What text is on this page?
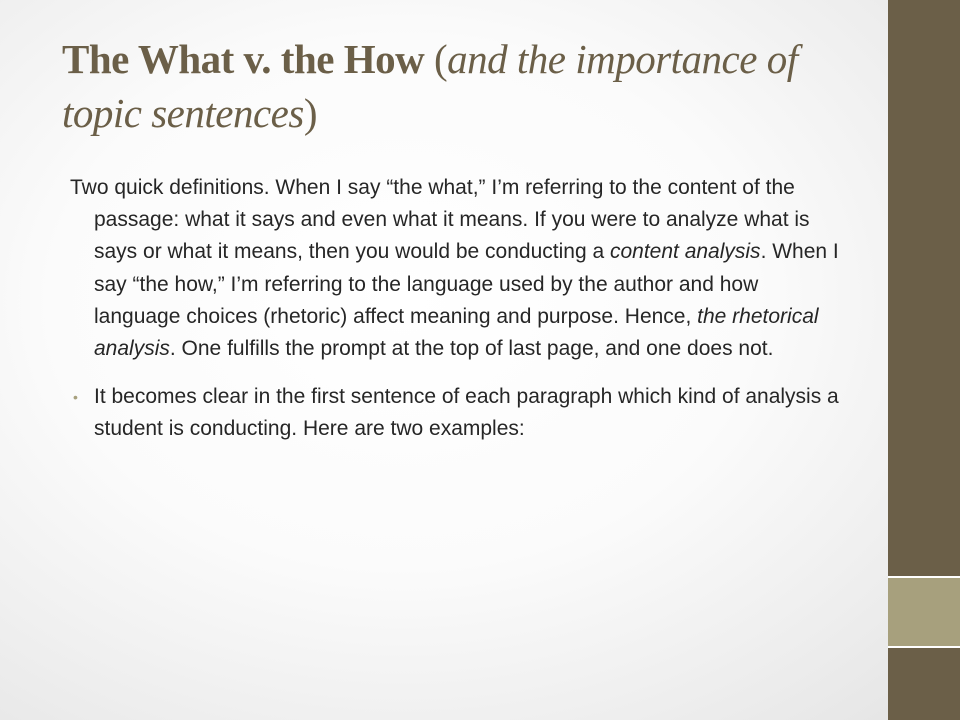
The What v. the How (and the importance of topic sentences)

Two quick definitions. When I say “the what,” I’m referring to the content of the passage: what it says and even what it means. If you were to analyze what is says or what it means, then you would be conducting a content analysis. When I say “the how,” I’m referring to the language used by the author and how language choices (rhetoric) affect meaning and purpose. Hence, the rhetorical analysis. One fulfills the prompt at the top of last page, and one does not.

• It becomes clear in the first sentence of each paragraph which kind of analysis a student is conducting. Here are two examples:
